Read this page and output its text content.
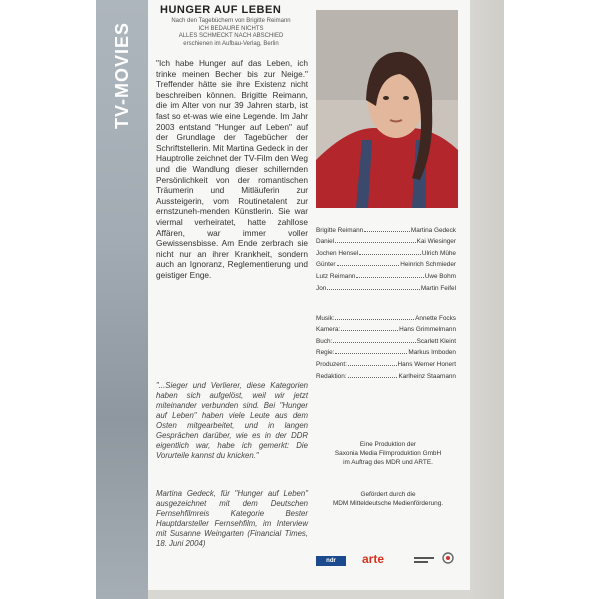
TV-MOVIES
HUNGER AUF LEBEN
Nach den Tagebüchern von Brigitte Reimann
ICH BEDAURE NICHTS
ALLES SCHMECKT NACH ABSCHIED
erschienen im Aufbau-Verlag, Berlin

"Ich habe Hunger auf das Leben, ich trinke meinen Becher bis zur Neige." Treffender hätte sie ihre Existenz nicht beschreiben können. Brigitte Reimann, die im Alter von nur 39 Jahren starb, ist fast so et-was wie eine Legende. Im Jahr 2003 entstand "Hunger auf Leben" auf der Grundlage der Tagebücher der Schriftstellerin. Mit Martina Gedeck in der Hauptrolle zeichnet der TV-Film den Weg und die Wandlung dieser schillernden Persönlichkeit von der romantischen Träumerin und Mitläuferin zur Aussteigerin, vom Routinetalent zur ernstzuneh-menden Künstlerin. Sie war viermal verheiratet, hatte zahllose Affären, war immer voller Gewissensbisse. Am Ende zerbrach sie nicht nur an ihrer Krankheit, sondern auch an Ignoranz, Reglementierung und geistiger Enge.

"...Sieger und Verlierer, diese Kategorien haben sich aufgelöst, weil wir jetzt miteinander verbunden sind. Bei "Hunger auf Leben" haben viele Leute aus dem Osten mitgearbeitet, und in langen Gesprächen darüber, wie es in der DDR eigentlich war, habe ich gemerkt: Die Vorurteile kannst du knicken."

Martina Gedeck, für "Hunger auf Leben" ausgezeichnet mit dem Deutschen Fernsehfilmreis Kategorie Bester Hauptdarsteller Fernsehfilm, im Interview mit Susanne Weingarten (Financial Times, 18. Juni 2004)

Brigitte Reimann	Martina Gedeck
Daniel	Kai Wiesinger
Jochen Hensel	Ulrich Mühe
Günter	Heinrich Schmieder
Lutz Reimann	Uwe Bohm
Jon	Martin Feifel
Musik:	Annette Focks
Kamera:	Hans Grimmelmann
Buch:	Scarlett Kleint
Regie:	Markus Imboden
Produzent:	Hans Werner Honert
Redaktion:	Karlheinz Staamann
Eine Produktion der
Saxonia Media Filmproduktion GmbH
im Auftrag des MDR und ARTE.
Gefördert durch die
MDM Mitteldeutsche Medienförderung.
ndr	arte
